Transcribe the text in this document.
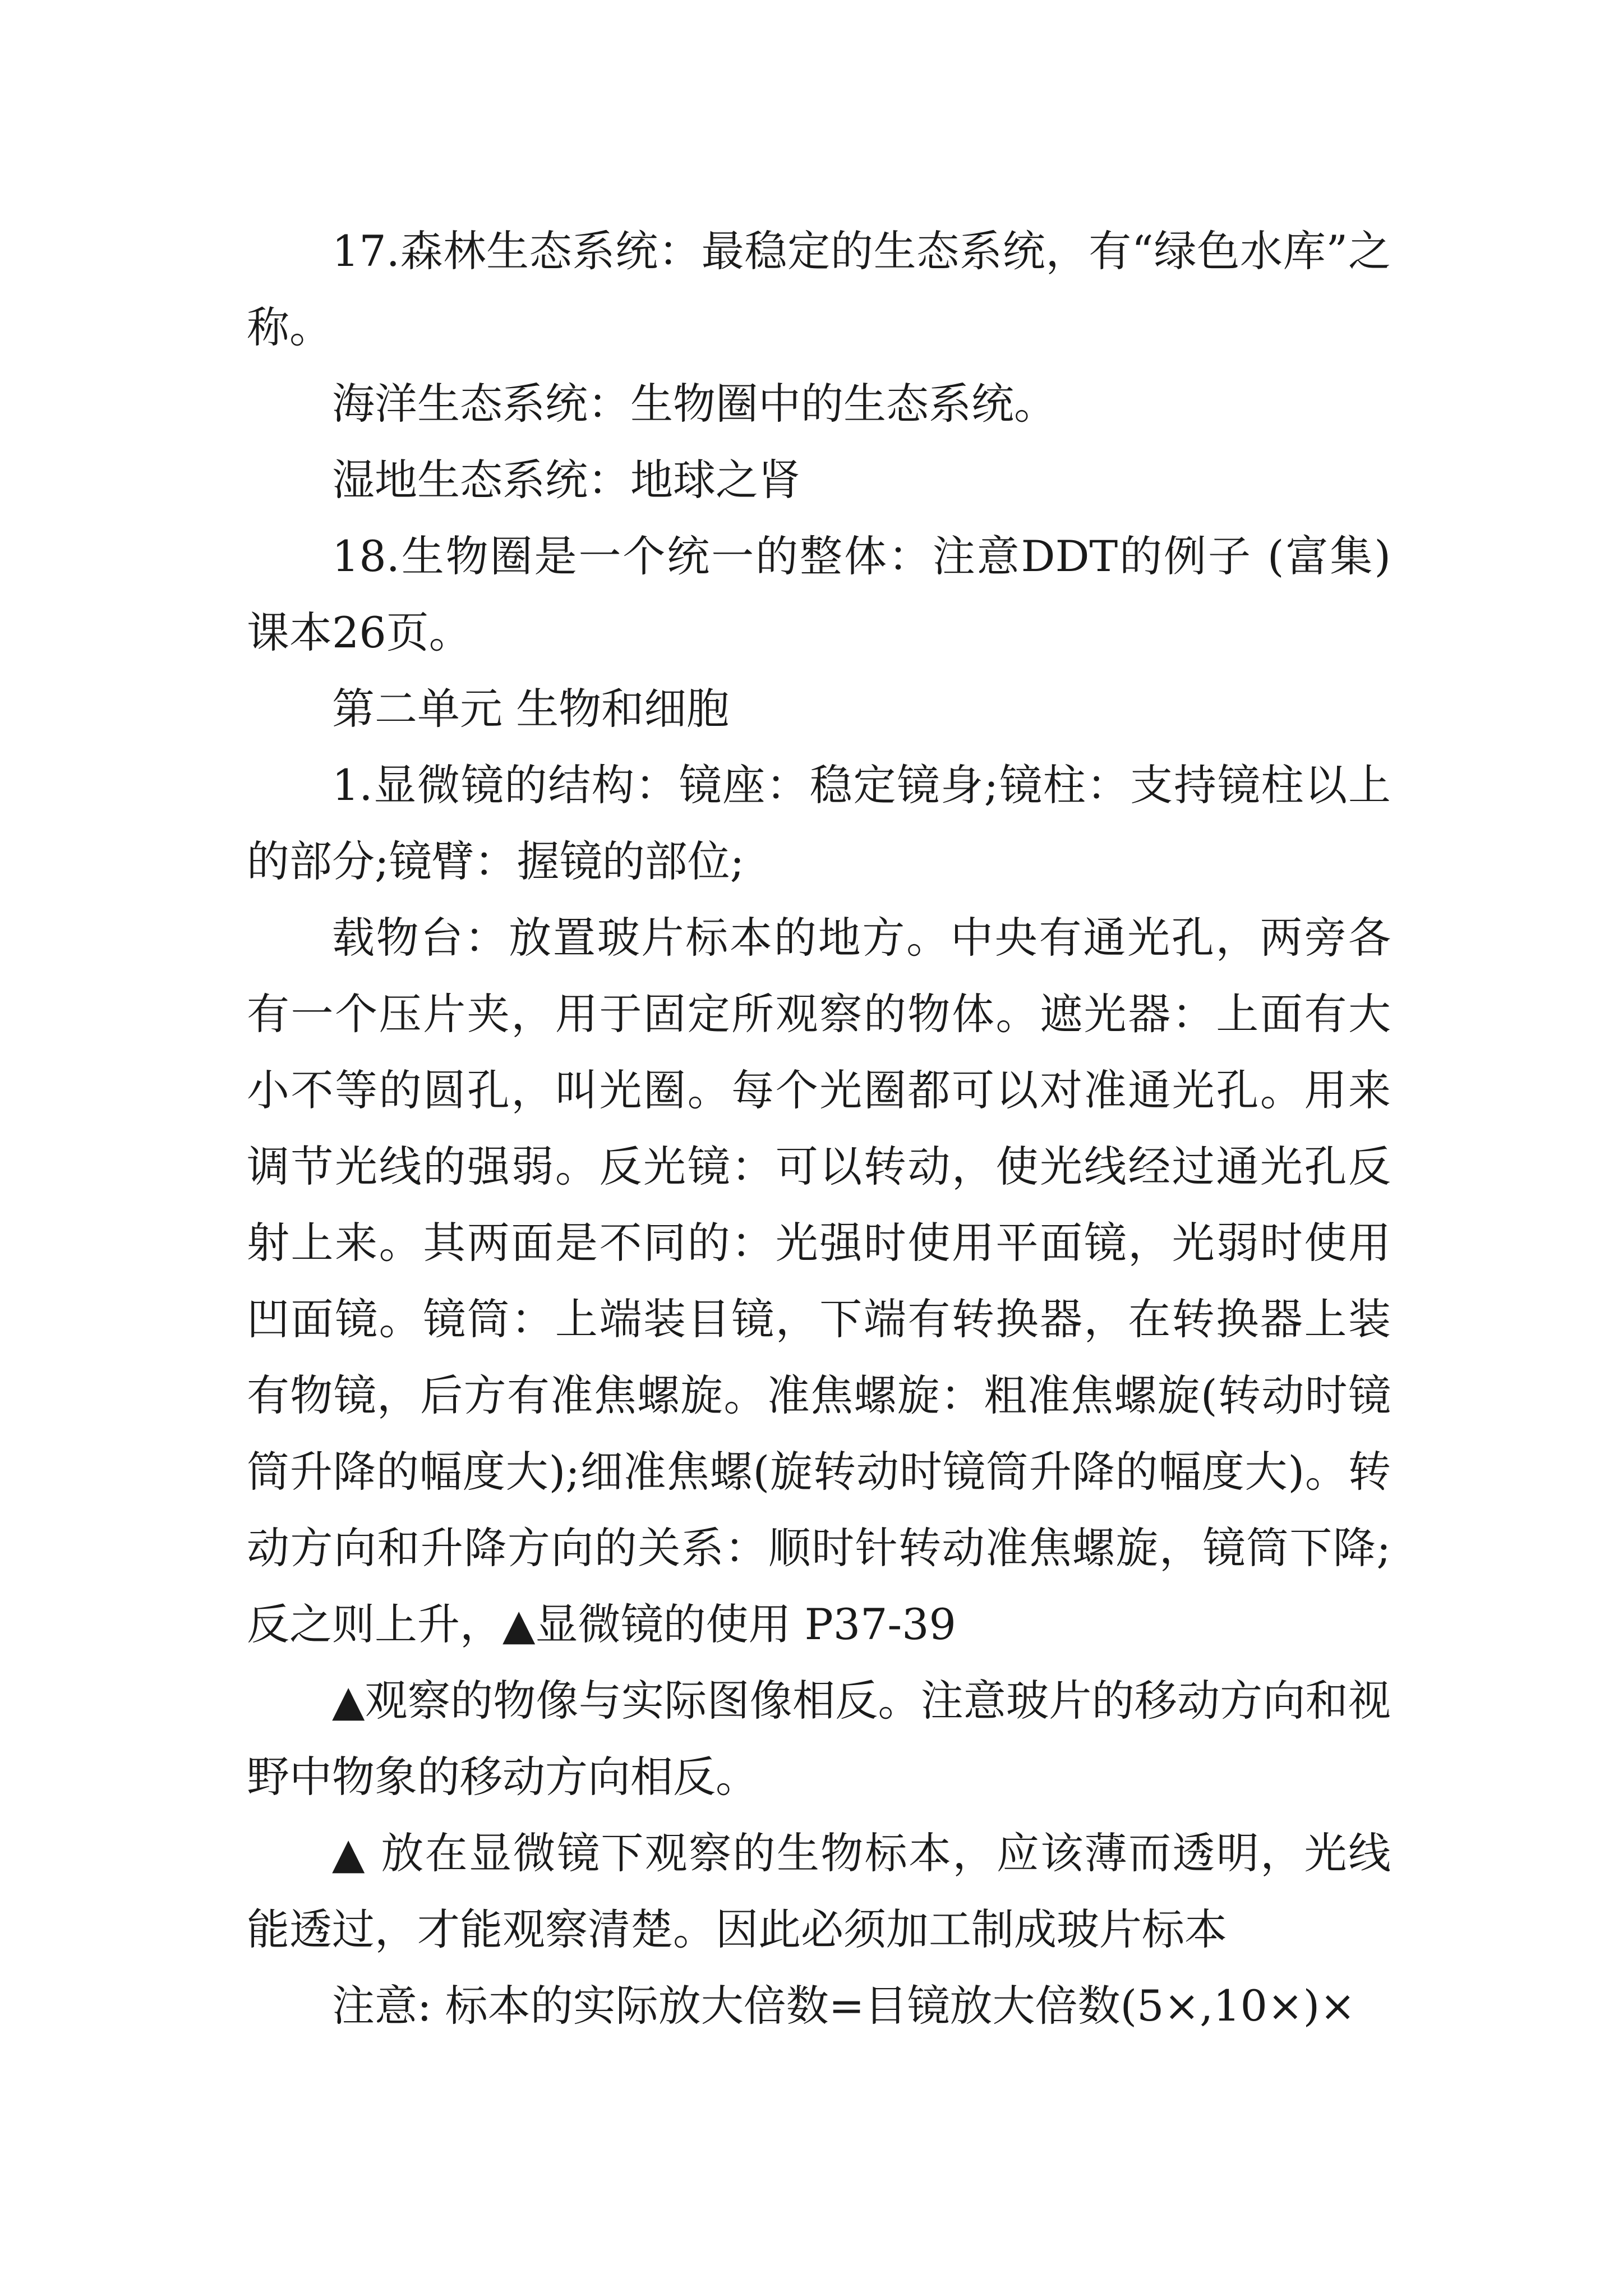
17.森林生态系统：最稳定的生态系统，有“绿色水库”之称。

海洋生态系统：生物圈中的生态系统。

湿地生态系统：地球之肾

18.生物圈是一个统一的整体：注意DDT的例子 (富集)课本26页。

第二单元 生物和细胞

1.显微镜的结构：镜座：稳定镜身;镜柱：支持镜柱以上的部分;镜臂：握镜的部位;

载物台：放置玻片标本的地方。中央有通光孔，两旁各有一个压片夹，用于固定所观察的物体。遮光器：上面有大小不等的圆孔，叫光圈。每个光圈都可以对准通光孔。用来调节光线的强弱。反光镜：可以转动，使光线经过通光孔反射上来。其两面是不同的：光强时使用平面镜，光弱时使用凹面镜。镜筒：上端装目镜，下端有转换器，在转换器上装有物镜，后方有准焦螺旋。准焦螺旋：粗准焦螺旋(转动时镜筒升降的幅度大);细准焦螺(旋转动时镜筒升降的幅度大)。转动方向和升降方向的关系：顺时针转动准焦螺旋，镜筒下降;反之则上升，▲显微镜的使用 P37-39

▲观察的物像与实际图像相反。注意玻片的移动方向和视野中物象的移动方向相反。

▲ 放在显微镜下观察的生物标本，应该薄而透明，光线能透过，才能观察清楚。因此必须加工制成玻片标本

注意: 标本的实际放大倍数=目镜放大倍数(5×,10×)×
